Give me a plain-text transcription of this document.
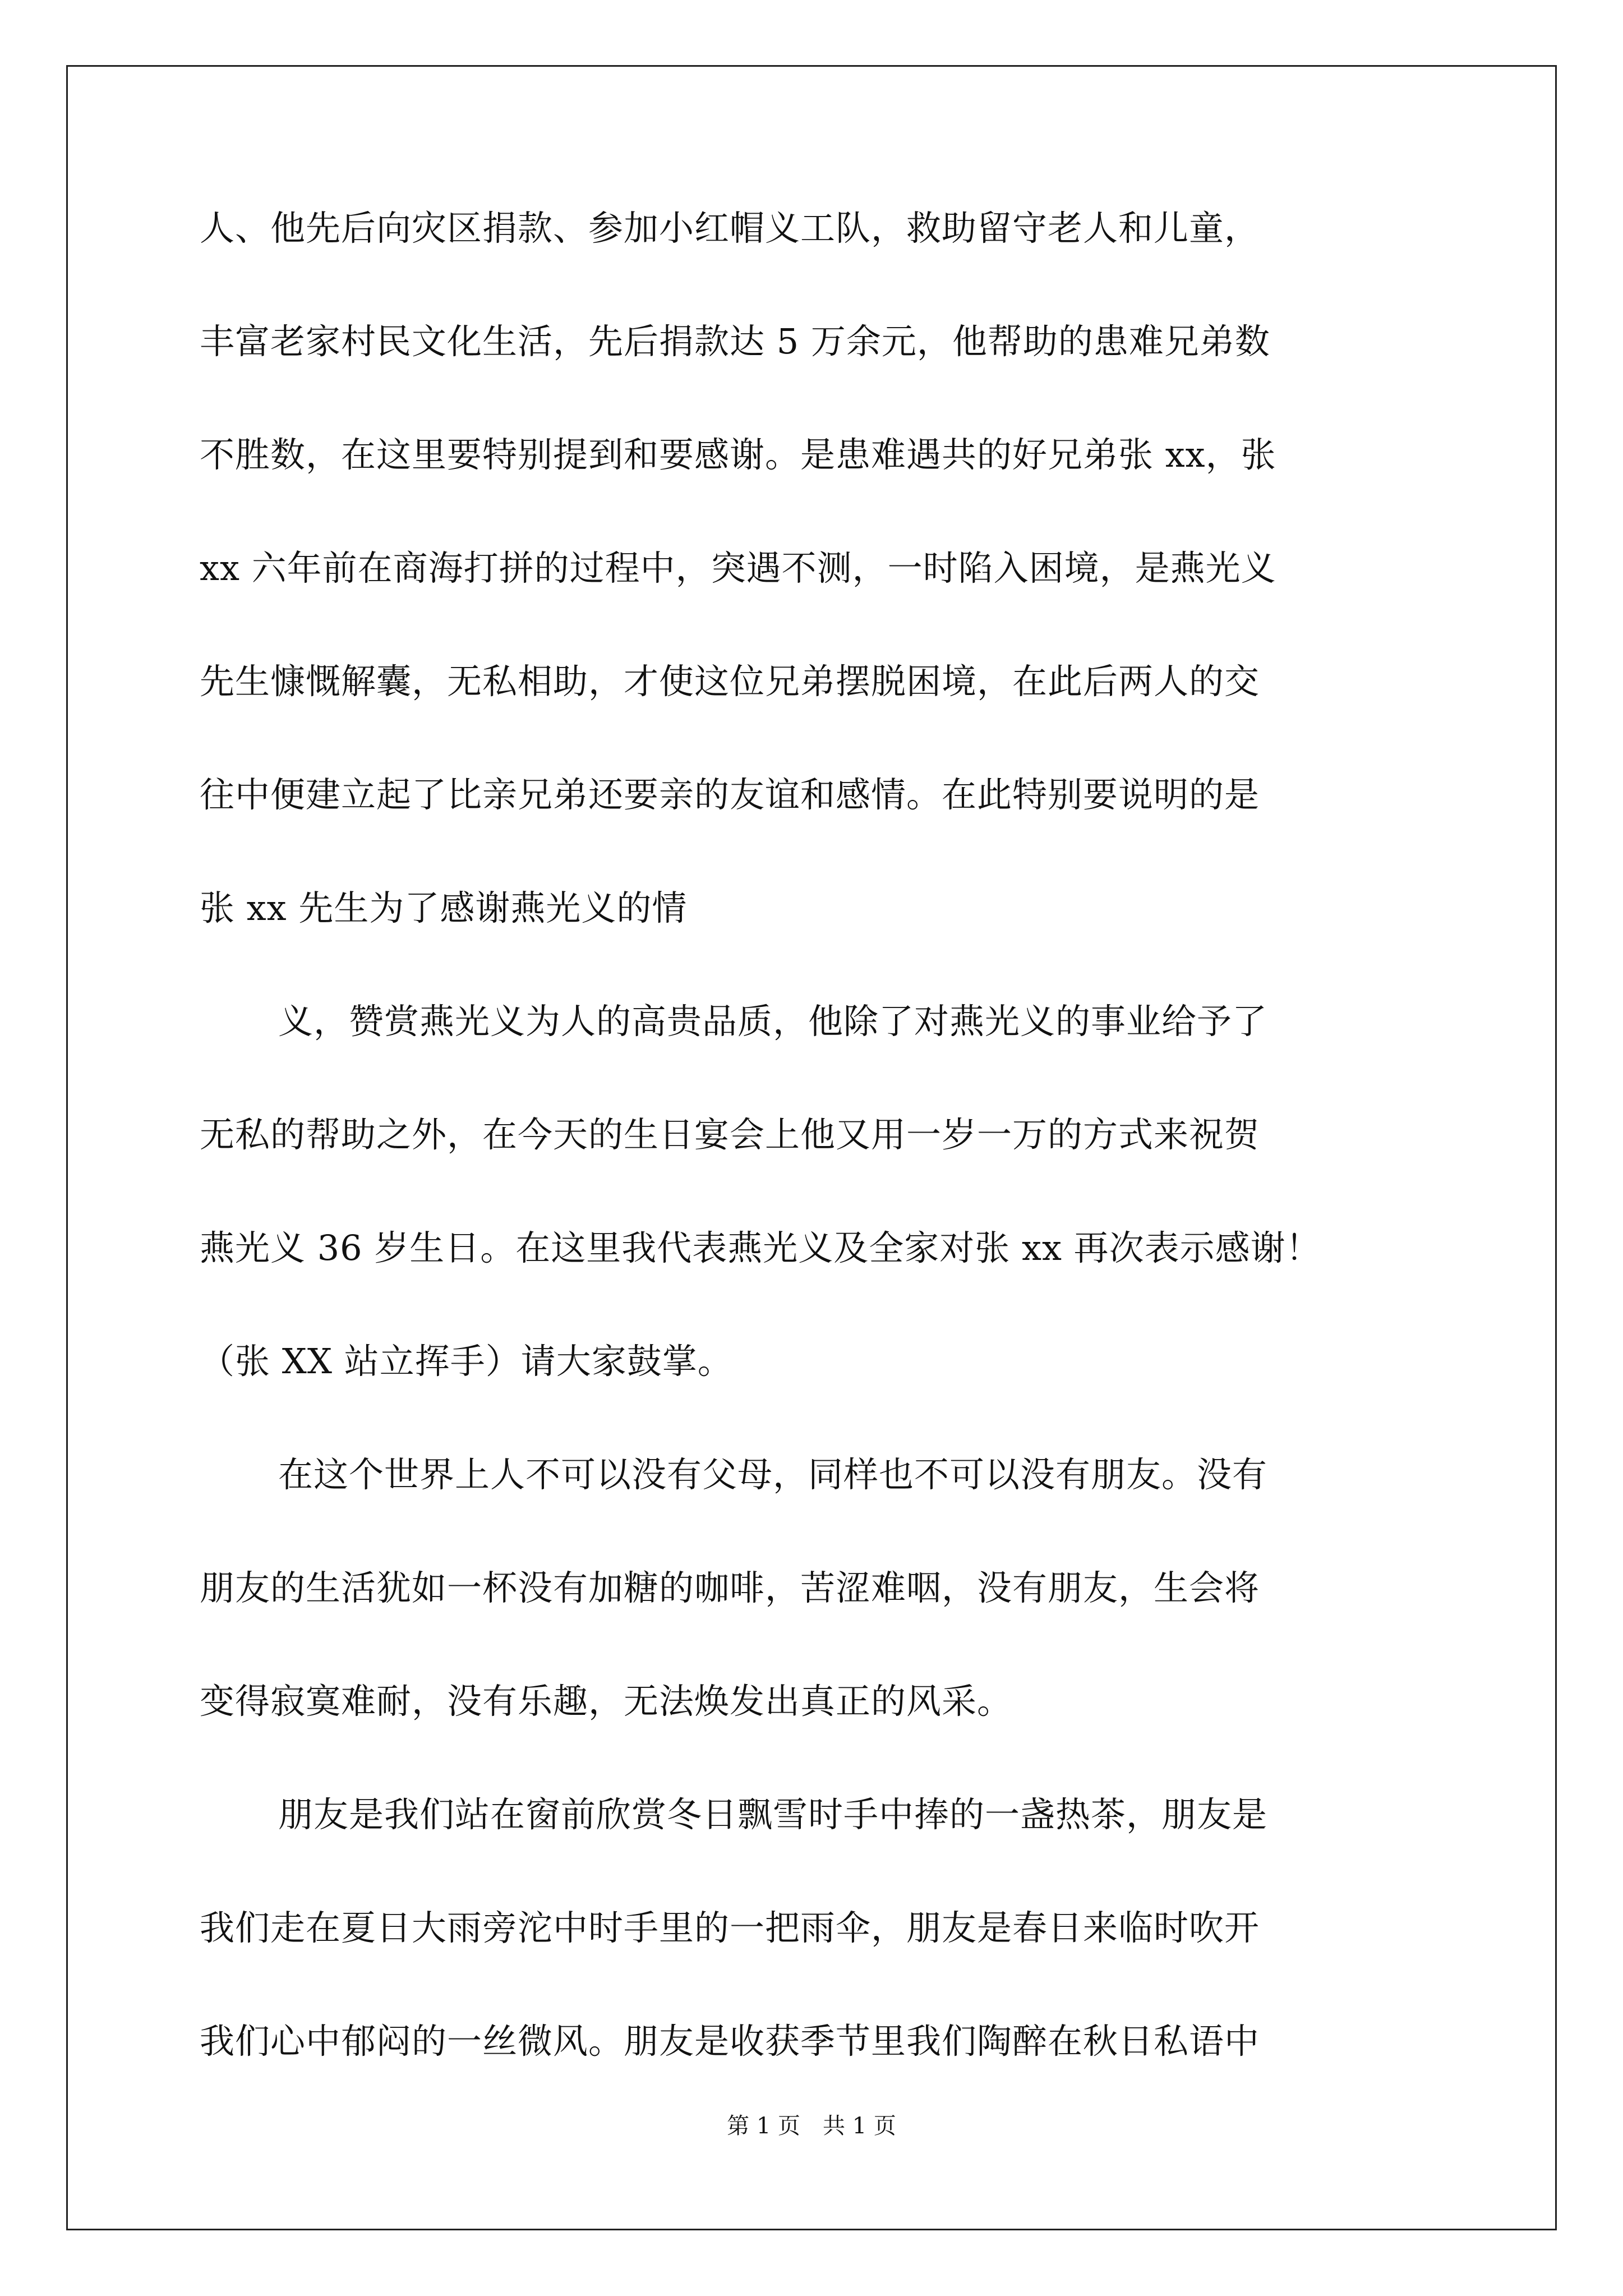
人、他先后向灾区捐款、参加小红帽义工队，救助留守老人和儿童，
丰富老家村民文化生活，先后捐款达 5 万余元，他帮助的患难兄弟数
不胜数，在这里要特别提到和要感谢。是患难遇共的好兄弟张 xx，张
xx 六年前在商海打拼的过程中，突遇不测，一时陷入困境，是燕光义
先生慷慨解囊，无私相助，才使这位兄弟摆脱困境，在此后两人的交
往中便建立起了比亲兄弟还要亲的友谊和感情。在此特别要说明的是
张 xx 先生为了感谢燕光义的情
义，赞赏燕光义为人的高贵品质，他除了对燕光义的事业给予了
无私的帮助之外，在今天的生日宴会上他又用一岁一万的方式来祝贺
燕光义 36 岁生日。在这里我代表燕光义及全家对张 xx 再次表示感谢！
（张 XX 站立挥手）请大家鼓掌。
在这个世界上人不可以没有父母，同样也不可以没有朋友。没有
朋友的生活犹如一杯没有加糖的咖啡，苦涩难咽，没有朋友，生会将
变得寂寞难耐，没有乐趣，无法焕发出真正的风采。
朋友是我们站在窗前欣赏冬日飘雪时手中捧的一盏热茶，朋友是
我们走在夏日大雨旁沱中时手里的一把雨伞，朋友是春日来临时吹开
我们心中郁闷的一丝微风。朋友是收获季节里我们陶醉在秋日私语中
第 1 页　共 1 页
